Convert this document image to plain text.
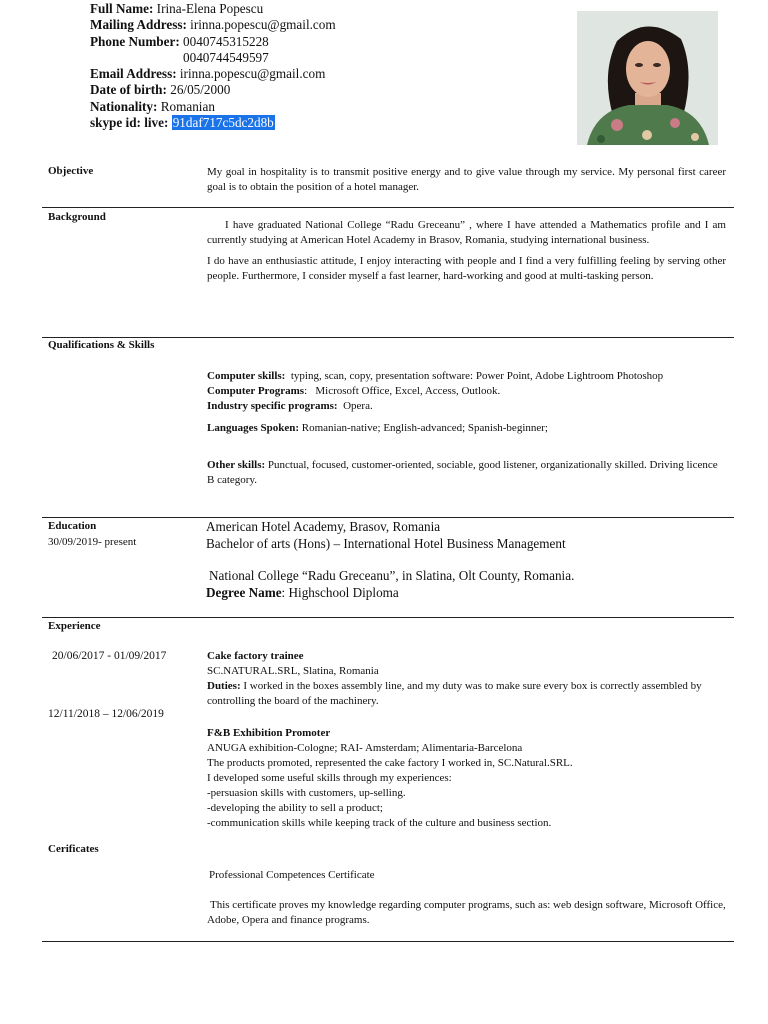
Full Name: Irina-Elena Popescu
Mailing Address: irinna.popescu@gmail.com
Phone Number: 0040745315228
0040744549597
Email Address: irinna.popescu@gmail.com
Date of birth: 26/05/2000
Nationality: Romanian
skype id: live: 91daf717c5dc2d8b
Objective	My goal in hospitality is to transmit positive energy and to give value through my service. My personal first career goal is to obtain the position of a hotel manager.

Background

I have graduated National College “Radu Greceanu” , where I have attended a Mathematics profile and I am currently studying at American Hotel Academy in Brasov, Romania, studying international business.

I do have an enthusiastic attitude, I enjoy interacting with people and I find a very fulfilling feeling by serving other people. Furthermore, I consider myself a fast learner, hard-working and good at multi-tasking person.

Qualifications & Skills
Computer skills: typing, scan, copy, presentation software: Power Point, Adobe Lightroom Photoshop
Computer Programs:   Microsoft Office, Excel, Access, Outlook.
Industry specific programs: Opera.
Languages Spoken: Romanian-native; English-advanced; Spanish-beginner;
Other skills: Punctual, focused, customer-oriented, sociable, good listener, organizationally skilled. Driving licence B category.
Education
30/09/2019- present
American Hotel Academy, Brasov, Romania
Bachelor of arts (Hons) – International Hotel Business Management
National College “Radu Greceanu”, in Slatina, Olt County, Romania.
Degree Name: Highschool Diploma
Experience
20/06/2017 - 01/09/2017
12/11/2018 – 12/06/2019
Cake factory trainee
SC.NATURAL.SRL, Slatina, Romania
Duties: I worked in the boxes assembly line, and my duty was to make sure every box is correctly assembled by controlling the board of the machinery.
F&B Exhibition Promoter
ANUGA exhibition-Cologne; RAI- Amsterdam; Alimentaria-Barcelona
The products promoted, represented the cake factory I worked in, SC.Natural.SRL.
I developed some useful skills through my experiences:
-persuasion skills with customers, up-selling.
-developing the ability to sell a product;
-communication skills while keeping track of the culture and business section.
Cerificates
Professional Competences Certificate

This certificate proves my knowledge regarding computer programs, such as: web design software, Microsoft Office, Adobe, Opera and finance programs.
